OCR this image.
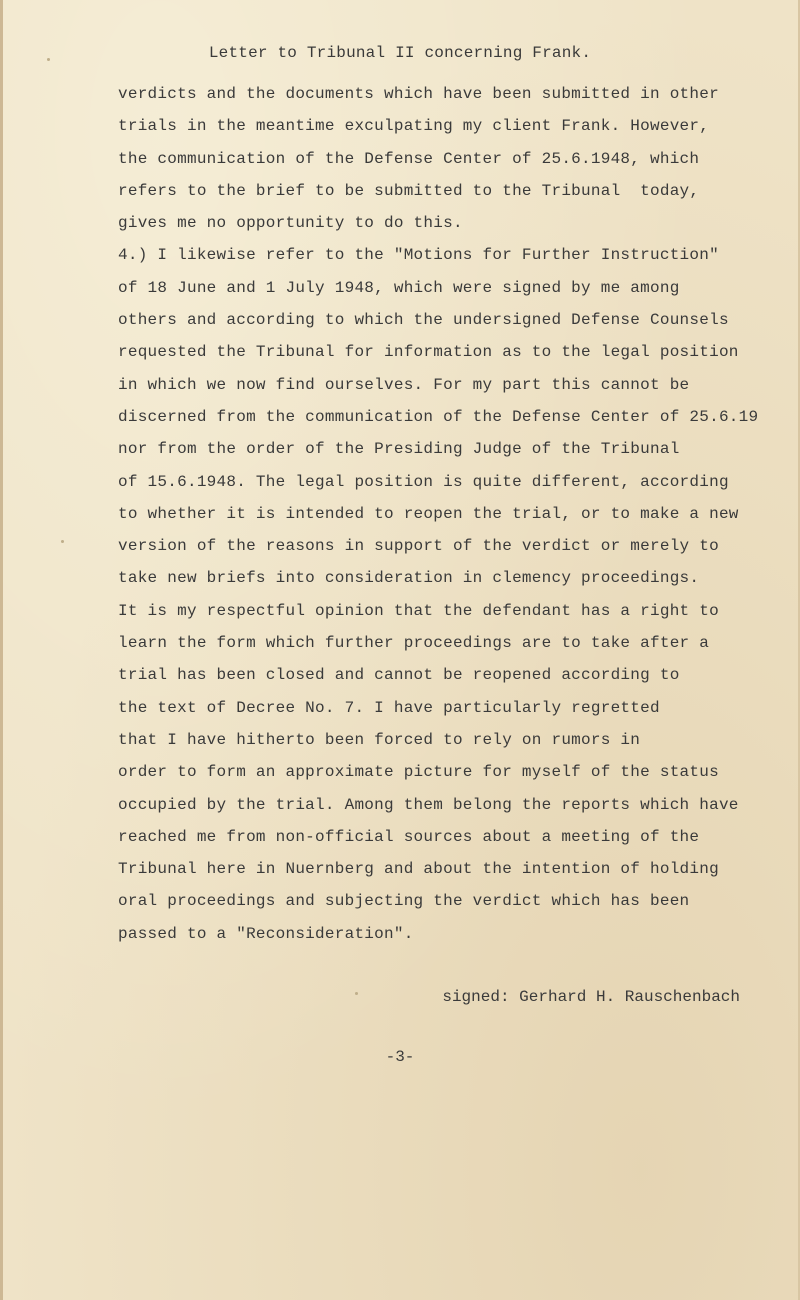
Letter to Tribunal II concerning Frank.
verdicts and the documents which have been submitted in other
trials in the meantime exculpating my client Frank. However,
the communication of the Defense Center of 25.6.1948, which
refers to the brief to be submitted to the Tribunal  today,
gives me no opportunity to do this.
4.) I likewise refer to the "Motions for Further Instruction"
of 18 June and 1 July 1948, which were signed by me among
others and according to which the undersigned Defense Counsels
requested the Tribunal for information as to the legal position
in which we now find ourselves. For my part this cannot be
discerned from the communication of the Defense Center of 25.6.19
nor from the order of the Presiding Judge of the Tribunal
of 15.6.1948. The legal position is quite different, according
to whether it is intended to reopen the trial, or to make a new
version of the reasons in support of the verdict or merely to
take new briefs into consideration in clemency proceedings.
It is my respectful opinion that the defendant has a right to
learn the form which further proceedings are to take after a
trial has been closed and cannot be reopened according to
the text of Decree No. 7. I have particularly regretted
that I have hitherto been forced to rely on rumors in
order to form an approximate picture for myself of the status
occupied by the trial. Among them belong the reports which have
reached me from non-official sources about a meeting of the
Tribunal here in Nuernberg and about the intention of holding
oral proceedings and subjecting the verdict which has been
passed to a "Reconsideration".
signed: Gerhard H. Rauschenbach
-3-
